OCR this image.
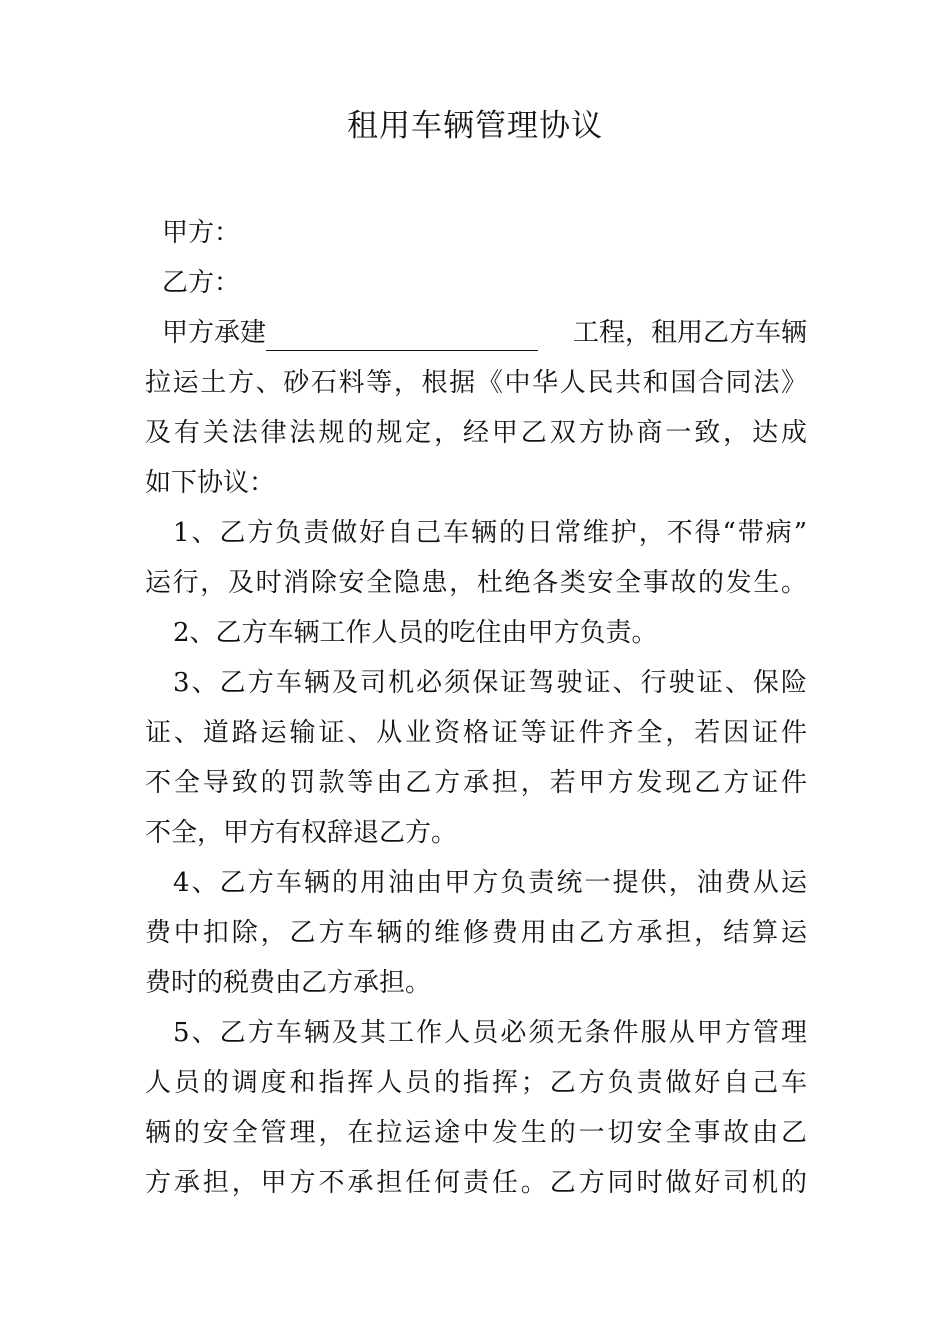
租用车辆管理协议
甲方：
乙方：
甲方承建	工程，租用乙方车辆
拉运土方、砂石料等，根据《中华人民共和国合同法》
及有关法律法规的规定，经甲乙双方协商一致，达成
如下协议：
1、乙方负责做好自己车辆的日常维护，不得“带病”
运行，及时消除安全隐患，杜绝各类安全事故的发生。
2、乙方车辆工作人员的吃住由甲方负责。
3、乙方车辆及司机必须保证驾驶证、行驶证、保险
证、道路运输证、从业资格证等证件齐全，若因证件
不全导致的罚款等由乙方承担，若甲方发现乙方证件
不全，甲方有权辞退乙方。
4、乙方车辆的用油由甲方负责统一提供，油费从运
费中扣除，乙方车辆的维修费用由乙方承担，结算运
费时的税费由乙方承担。
5、乙方车辆及其工作人员必须无条件服从甲方管理
人员的调度和指挥人员的指挥；乙方负责做好自己车
辆的安全管理，在拉运途中发生的一切安全事故由乙
方承担，甲方不承担任何责任。乙方同时做好司机的
